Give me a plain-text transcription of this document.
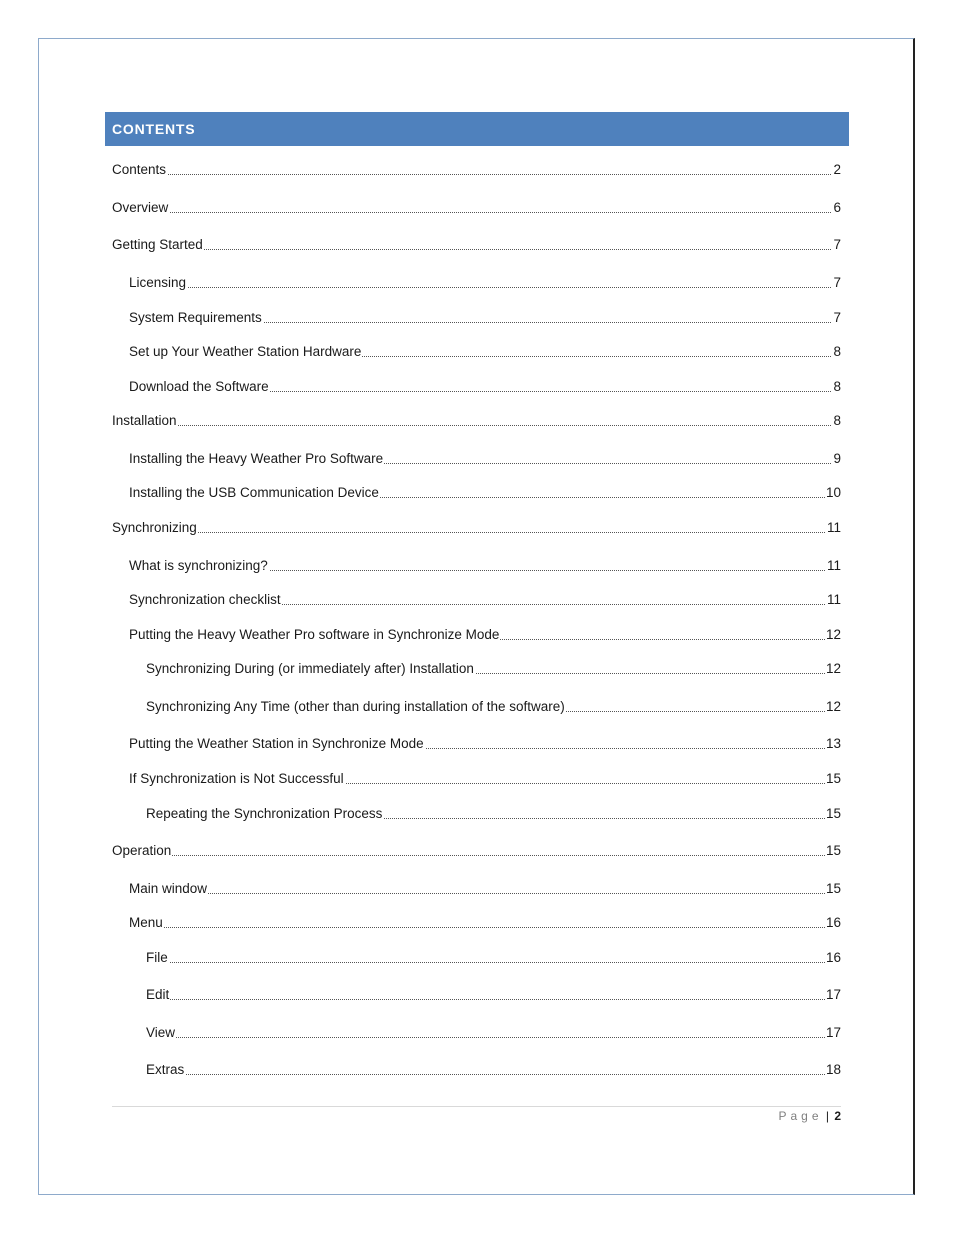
CONTENTS
Contents	2
Overview	6
Getting Started	7
Licensing	7
System Requirements	7
Set up Your Weather Station Hardware	8
Download the Software	8
Installation	8
Installing the Heavy Weather Pro Software	9
Installing the USB Communication Device	10
Synchronizing	11
What is synchronizing?	11
Synchronization checklist	11
Putting the Heavy Weather Pro software in Synchronize Mode	12
Synchronizing During (or immediately after) Installation	12
Synchronizing Any Time (other than during installation of the software)	12
Putting the Weather Station in Synchronize Mode	13
If Synchronization is Not Successful	15
Repeating the Synchronization Process	15
Operation	15
Main window	15
Menu	16
File	16
Edit	17
View	17
Extras	18
Page | 2
